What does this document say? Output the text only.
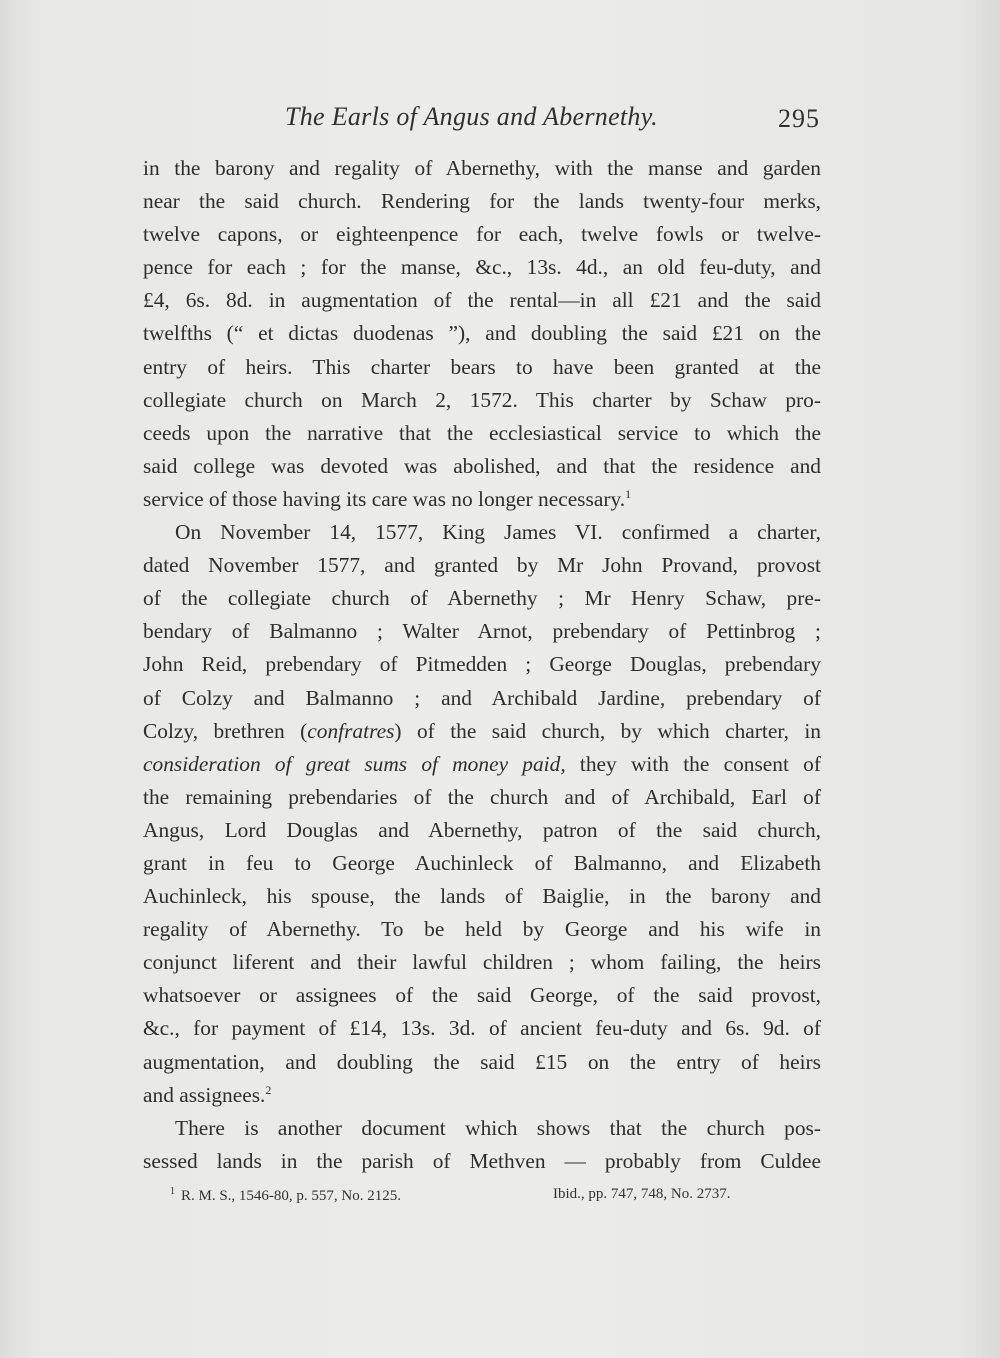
The Earls of Angus and Abernethy.	295
in the barony and regality of Abernethy, with the manse and garden
near the said church. Rendering for the lands twenty-four merks,
twelve capons, or eighteenpence for each, twelve fowls or twelve-
pence for each ; for the manse, &c., 13s. 4d., an old feu-duty, and
£4, 6s. 8d. in augmentation of the rental—in all £21 and the said
twelfths (“ et dictas duodenas ”), and doubling the said £21 on the
entry of heirs. This charter bears to have been granted at the
collegiate church on March 2, 1572. This charter by Schaw pro-
ceeds upon the narrative that the ecclesiastical service to which the
said college was devoted was abolished, and that the residence and
service of those having its care was no longer necessary.$^1$
On November 14, 1577, King James VI. confirmed a charter,
dated November 1577, and granted by Mr John Provand, provost
of the collegiate church of Abernethy ; Mr Henry Schaw, pre-
bendary of Balmanno ; Walter Arnot, prebendary of Pettinbrog ;
John Reid, prebendary of Pitmedden ; George Douglas, prebendary
of Colzy and Balmanno ; and Archibald Jardine, prebendary of
Colzy, brethren (confratres) of the said church, by which charter, in
consideration of great sums of money paid, they with the consent of
the remaining prebendaries of the church and of Archibald, Earl of
Angus, Lord Douglas and Abernethy, patron of the said church,
grant in feu to George Auchinleck of Balmanno, and Elizabeth
Auchinleck, his spouse, the lands of Baiglie, in the barony and
regality of Abernethy. To be held by George and his wife in
conjunct liferent and their lawful children ; whom failing, the heirs
whatsoever or assignees of the said George, of the said provost,
&c., for payment of £14, 13s. 3d. of ancient feu-duty and 6s. 9d. of
augmentation, and doubling the said £15 on the entry of heirs
and assignees.$^2$
There is another document which shows that the church pos-
sessed lands in the parish of Methven — probably from Culdee
$^1$ R. M. S., 1546-80, p. 557, No. 2125.	Ibid., pp. 747, 748, No. 2737.
